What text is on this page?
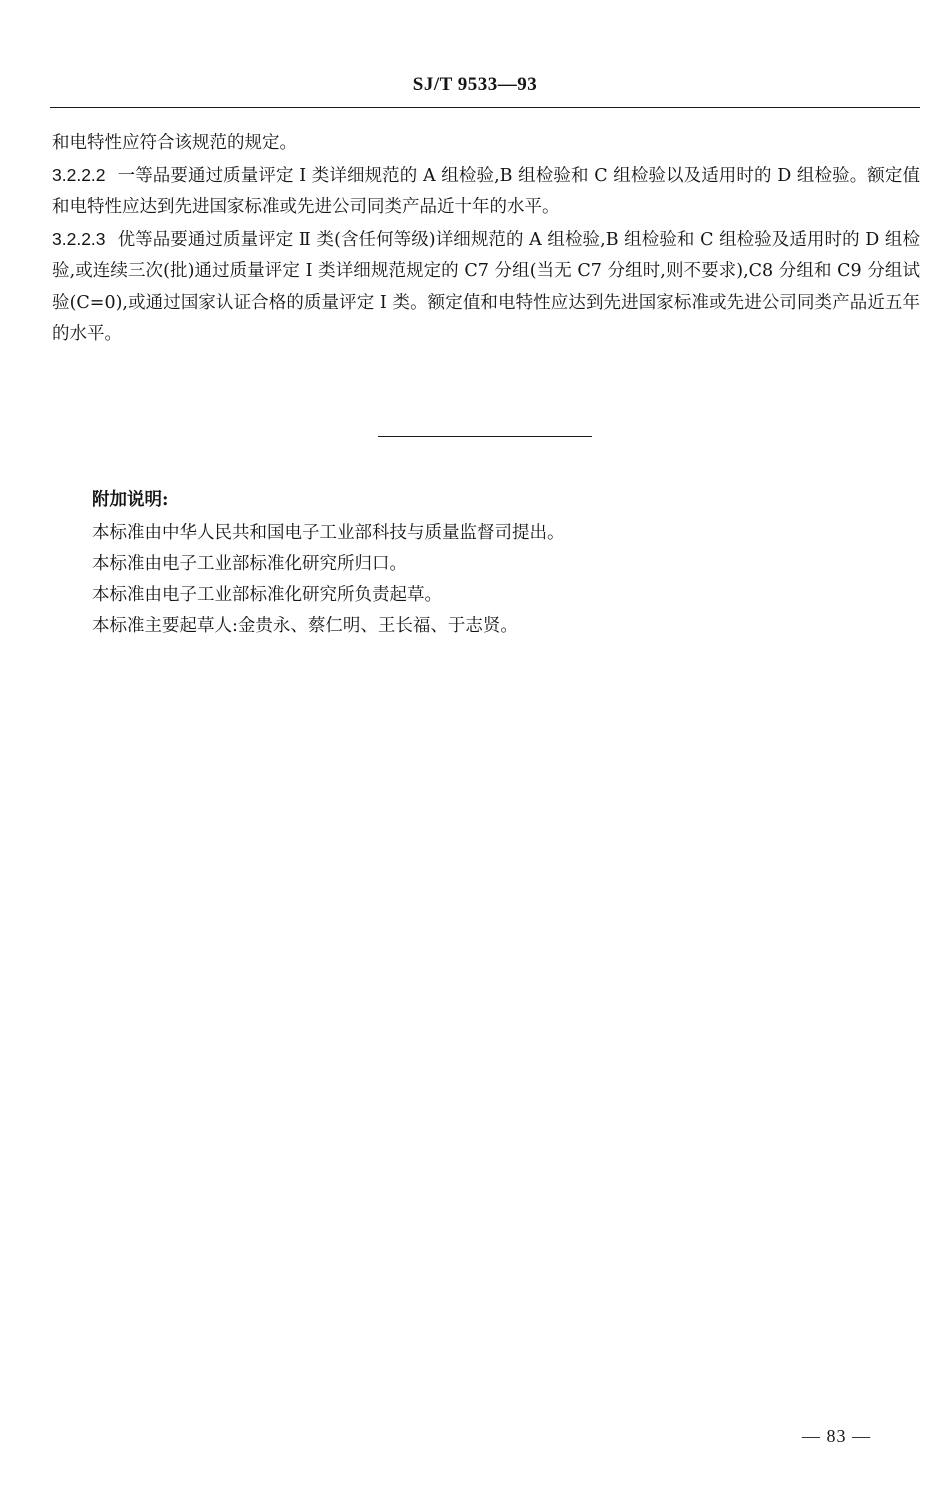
SJ/T 9533—93

和电特性应符合该规范的规定。

3.2.2.2 一等品要通过质量评定 I 类详细规范的 A 组检验,B 组检验和 C 组检验以及适用时的 D 组检验。额定值和电特性应达到先进国家标准或先进公司同类产品近十年的水平。

3.2.2.3 优等品要通过质量评定 Ⅱ 类(含任何等级)详细规范的 A 组检验,B 组检验和 C 组检验及适用时的 D 组检验,或连续三次(批)通过质量评定 I 类详细规范规定的 C7 分组(当无 C7 分组时,则不要求),C8 分组和 C9 分组试验(C=0),或通过国家认证合格的质量评定 I 类。额定值和电特性应达到先进国家标准或先进公司同类产品近五年的水平。

附加说明:

本标准由中华人民共和国电子工业部科技与质量监督司提出。

本标准由电子工业部标准化研究所归口。

本标准由电子工业部标准化研究所负责起草。

本标准主要起草人:金贵永、蔡仁明、王长福、于志贤。

— 83 —
